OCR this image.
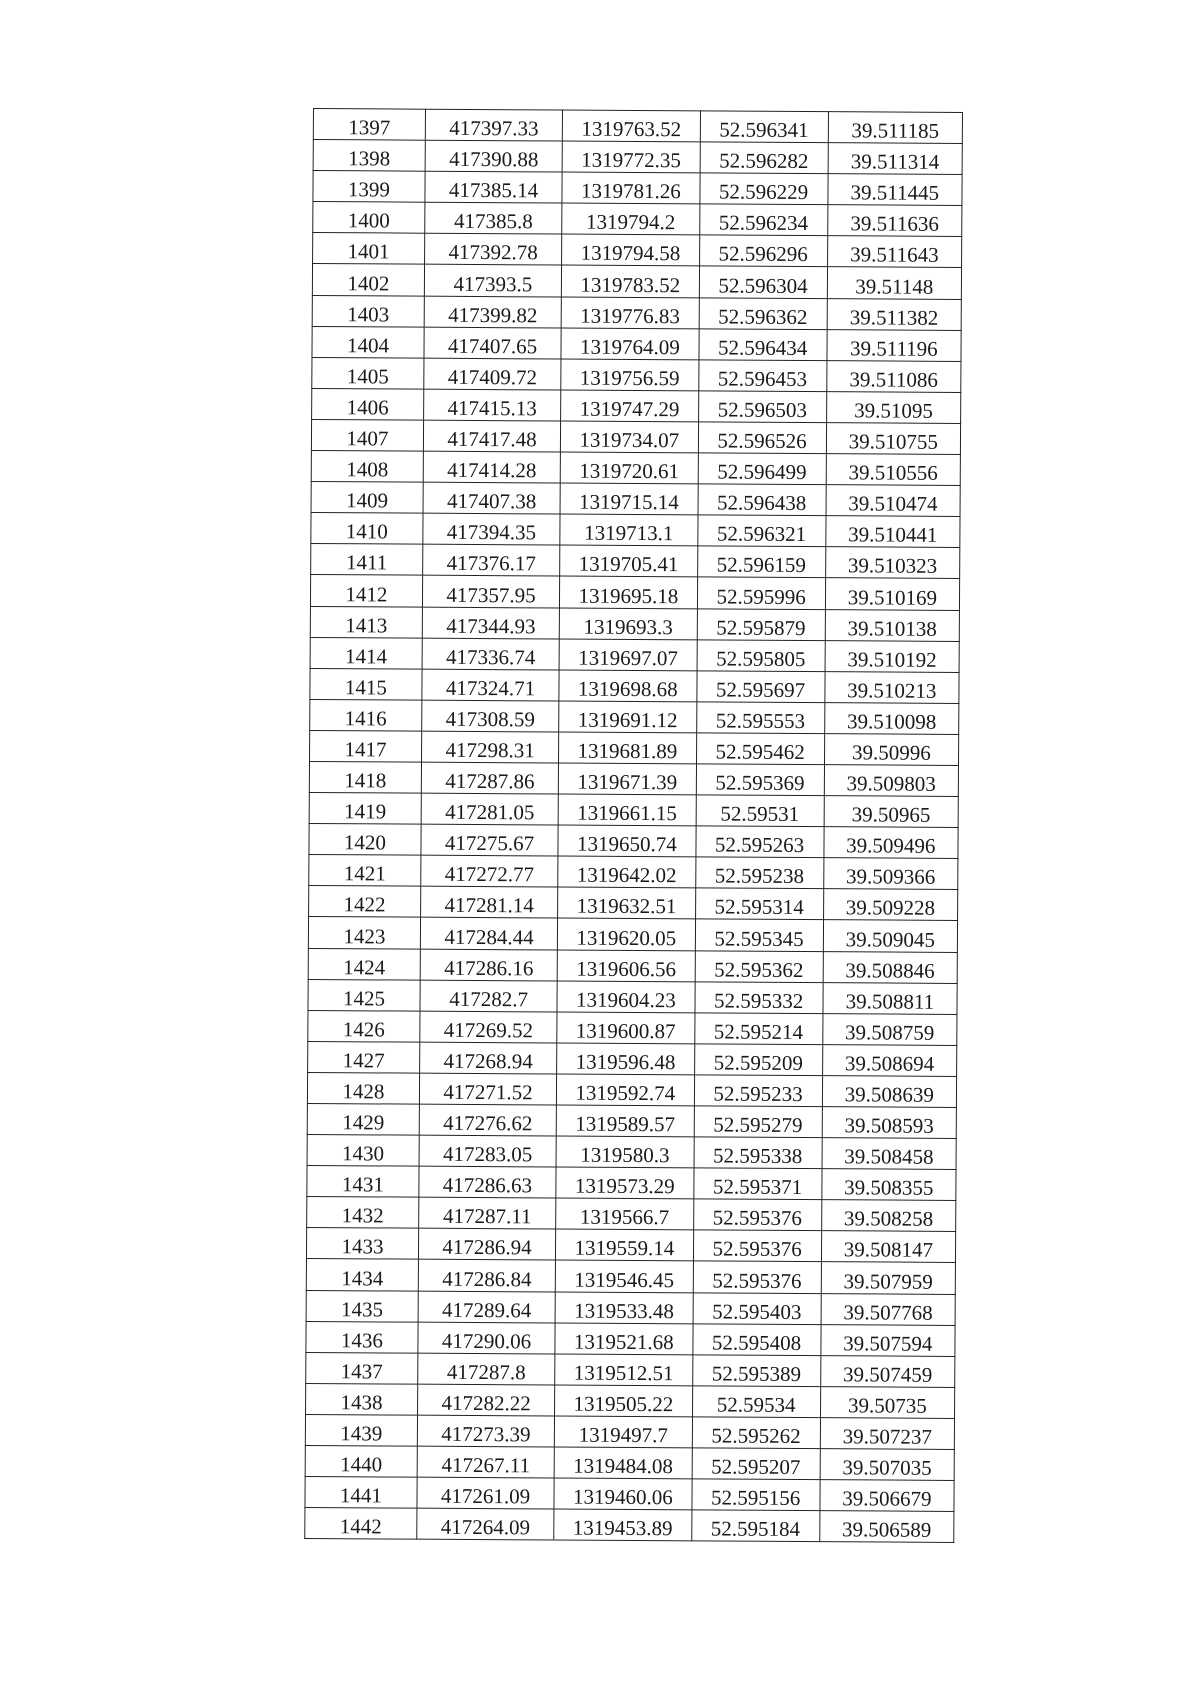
1397	417397.33	1319763.52	52.596341	39.511185
1398	417390.88	1319772.35	52.596282	39.511314
1399	417385.14	1319781.26	52.596229	39.511445
1400	417385.8	1319794.2	52.596234	39.511636
1401	417392.78	1319794.58	52.596296	39.511643
1402	417393.5	1319783.52	52.596304	39.51148
1403	417399.82	1319776.83	52.596362	39.511382
1404	417407.65	1319764.09	52.596434	39.511196
1405	417409.72	1319756.59	52.596453	39.511086
1406	417415.13	1319747.29	52.596503	39.51095
1407	417417.48	1319734.07	52.596526	39.510755
1408	417414.28	1319720.61	52.596499	39.510556
1409	417407.38	1319715.14	52.596438	39.510474
1410	417394.35	1319713.1	52.596321	39.510441
1411	417376.17	1319705.41	52.596159	39.510323
1412	417357.95	1319695.18	52.595996	39.510169
1413	417344.93	1319693.3	52.595879	39.510138
1414	417336.74	1319697.07	52.595805	39.510192
1415	417324.71	1319698.68	52.595697	39.510213
1416	417308.59	1319691.12	52.595553	39.510098
1417	417298.31	1319681.89	52.595462	39.50996
1418	417287.86	1319671.39	52.595369	39.509803
1419	417281.05	1319661.15	52.59531	39.50965
1420	417275.67	1319650.74	52.595263	39.509496
1421	417272.77	1319642.02	52.595238	39.509366
1422	417281.14	1319632.51	52.595314	39.509228
1423	417284.44	1319620.05	52.595345	39.509045
1424	417286.16	1319606.56	52.595362	39.508846
1425	417282.7	1319604.23	52.595332	39.508811
1426	417269.52	1319600.87	52.595214	39.508759
1427	417268.94	1319596.48	52.595209	39.508694
1428	417271.52	1319592.74	52.595233	39.508639
1429	417276.62	1319589.57	52.595279	39.508593
1430	417283.05	1319580.3	52.595338	39.508458
1431	417286.63	1319573.29	52.595371	39.508355
1432	417287.11	1319566.7	52.595376	39.508258
1433	417286.94	1319559.14	52.595376	39.508147
1434	417286.84	1319546.45	52.595376	39.507959
1435	417289.64	1319533.48	52.595403	39.507768
1436	417290.06	1319521.68	52.595408	39.507594
1437	417287.8	1319512.51	52.595389	39.507459
1438	417282.22	1319505.22	52.59534	39.50735
1439	417273.39	1319497.7	52.595262	39.507237
1440	417267.11	1319484.08	52.595207	39.507035
1441	417261.09	1319460.06	52.595156	39.506679
1442	417264.09	1319453.89	52.595184	39.506589
